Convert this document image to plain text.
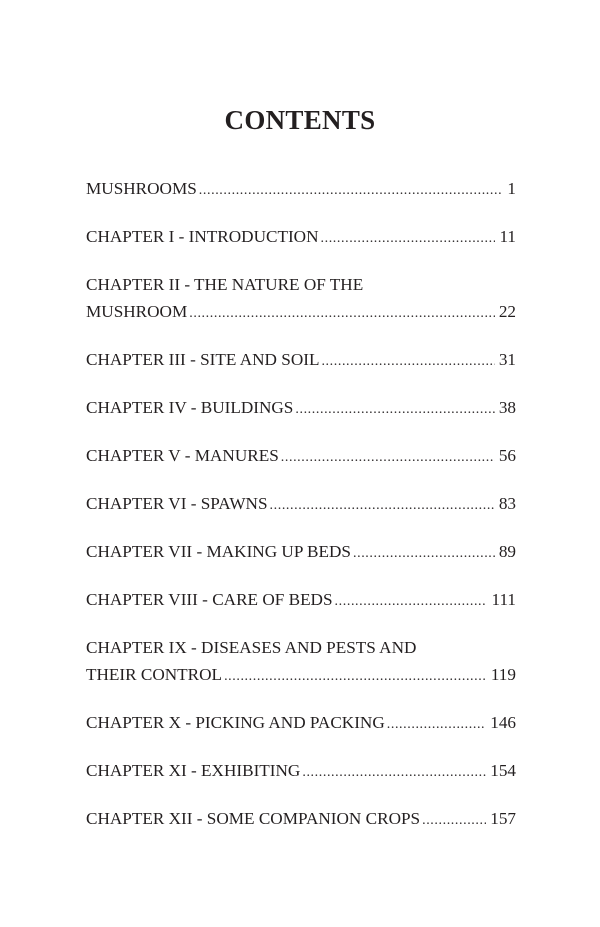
CONTENTS
MUSHROOMS .....	1
CHAPTER I - INTRODUCTION .....	11
CHAPTER II - THE NATURE OF THE
MUSHROOM .....	22
CHAPTER III - SITE AND SOIL .....	31
CHAPTER IV - BUILDINGS .....	38
CHAPTER V - MANURES .....	56
CHAPTER VI - SPAWNS .....	83
CHAPTER VII - MAKING UP BEDS .....	89
CHAPTER VIII - CARE OF BEDS .....	111
CHAPTER IX - DISEASES AND PESTS AND
THEIR CONTROL .....	119
CHAPTER X - PICKING AND PACKING .....	146
CHAPTER XI - EXHIBITING .....	154
CHAPTER XII - SOME COMPANION CROPS .....	157
